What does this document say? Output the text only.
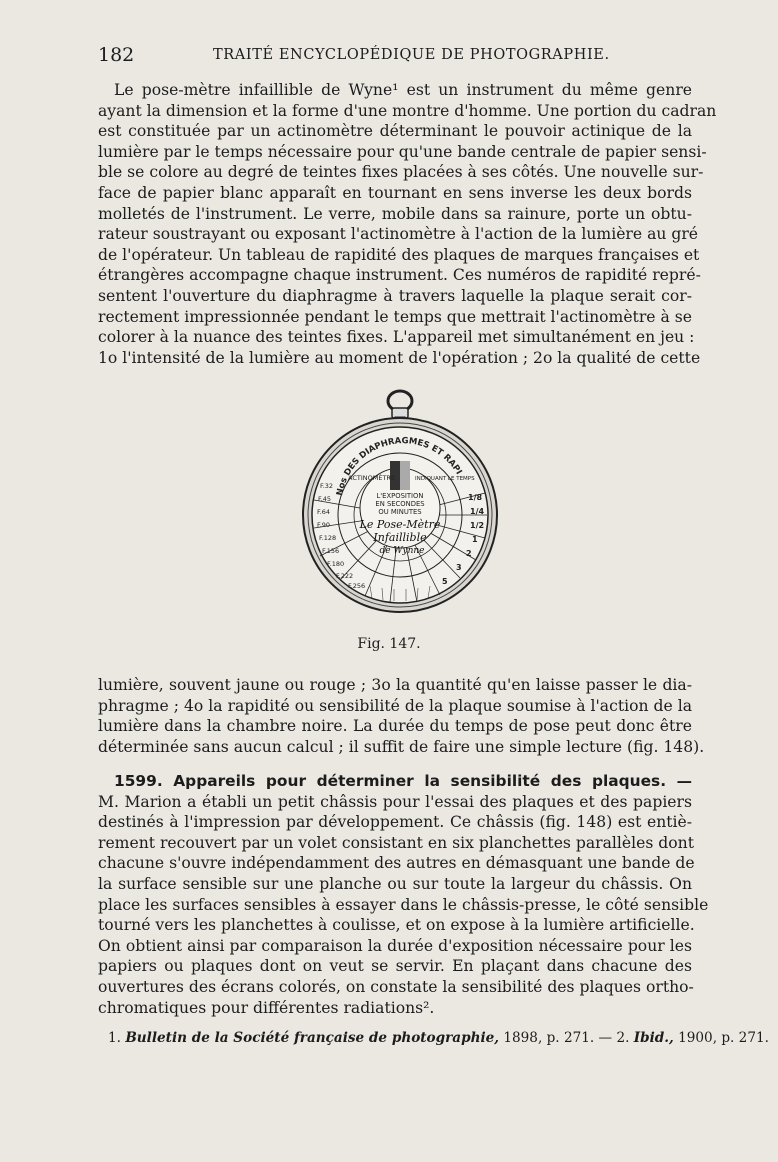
182	TRAITÉ ENCYCLOPÉDIQUE DE PHOTOGRAPHIE.
Le pose-mètre infaillible de Wyne¹ est un instrument du même genre
ayant la dimension et la forme d'une montre d'homme. Une portion du cadran
est constituée par un actinomètre déterminant le pouvoir actinique de la
lumière par le temps nécessaire pour qu'une bande centrale de papier sensi-
ble se colore au degré de teintes fixes placées à ses côtés. Une nouvelle sur-
face de papier blanc apparaît en tournant en sens inverse les deux bords
molletés de l'instrument. Le verre, mobile dans sa rainure, porte un obtu-
rateur soustrayant ou exposant l'actinomètre à l'action de la lumière au gré
de l'opérateur. Un tableau de rapidité des plaques de marques françaises et
étrangères accompagne chaque instrument. Ces numéros de rapidité repré-
sentent l'ouverture du diaphragme à travers laquelle la plaque serait cor-
rectement impressionnée pendant le temps que mettrait l'actinomètre à se
colorer à la nuance des teintes fixes. L'appareil met simultanément en jeu :
1o l'intensité de la lumière au moment de l'opération ; 2o la qualité de cette
Nos DES DIAPHRAGMES ET RAPI
ACTINOMÈTRE	INDIQUANT LE TEMPS
L'EXPOSITION
EN SECONDES
OU MINUTES
Le Pose-Mètre
Infaillible
de Wynne
F.32
F.45
F.64
F.90
F.128
F.156
F.180
F.222
F.256
1/8
1/4
1/2
1
2
3
5
Fig. 147.
lumière, souvent jaune ou rouge ; 3o la quantité qu'en laisse passer le dia-
phragme ; 4o la rapidité ou sensibilité de la plaque soumise à l'action de la
lumière dans la chambre noire. La durée du temps de pose peut donc être
déterminée sans aucun calcul ; il suffit de faire une simple lecture (fig. 148).
1599. Appareils pour déterminer la sensibilité des plaques. —
M. Marion a établi un petit châssis pour l'essai des plaques et des papiers
destinés à l'impression par développement. Ce châssis (fig. 148) est entiè-
rement recouvert par un volet consistant en six planchettes parallèles dont
chacune s'ouvre indépendamment des autres en démasquant une bande de
la surface sensible sur une planche ou sur toute la largeur du châssis. On
place les surfaces sensibles à essayer dans le châssis-presse, le côté sensible
tourné vers les planchettes à coulisse, et on expose à la lumière artificielle.
On obtient ainsi par comparaison la durée d'exposition nécessaire pour les
papiers ou plaques dont on veut se servir. En plaçant dans chacune des
ouvertures des écrans colorés, on constate la sensibilité des plaques ortho-
chromatiques pour différentes radiations².
1. Bulletin de la Société française de photographie, 1898, p. 271. — 2. Ibid., 1900, p. 271.
